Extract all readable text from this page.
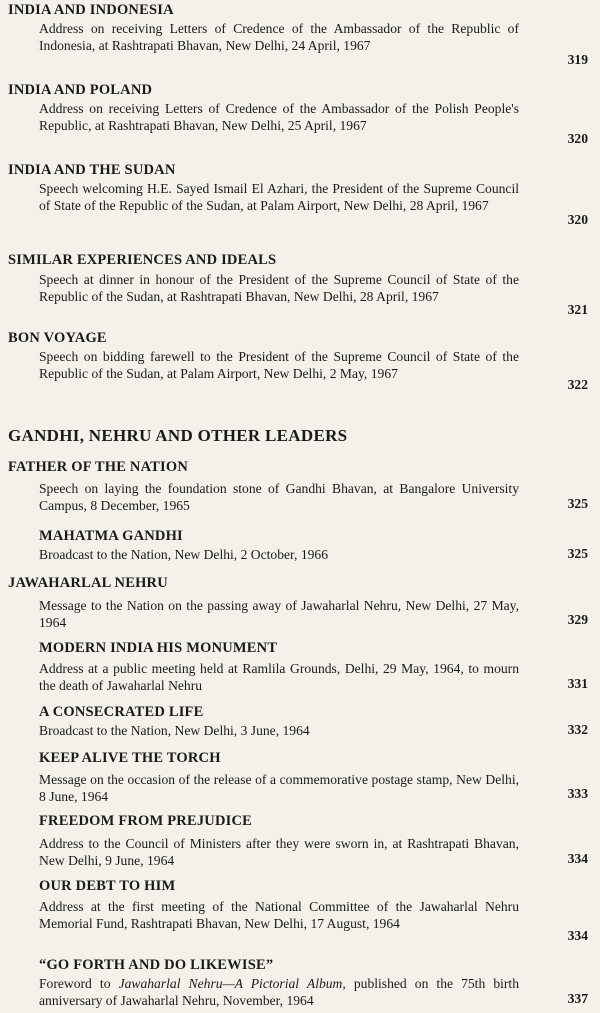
INDIA AND INDONESIA
Address on receiving Letters of Credence of the Ambassador of the Republic of Indonesia, at Rashtrapati Bhavan, New Delhi, 24 April, 1967
319
INDIA AND POLAND
Address on receiving Letters of Credence of the Ambassador of the Polish People's Republic, at Rashtrapati Bhavan, New Delhi, 25 April, 1967
320
INDIA AND THE SUDAN
Speech welcoming H.E. Sayed Ismail El Azhari, the President of the Supreme Council of State of the Republic of the Sudan, at Palam Airport, New Delhi, 28 April, 1967
320
SIMILAR EXPERIENCES AND IDEALS
Speech at dinner in honour of the President of the Supreme Council of State of the Republic of the Sudan, at Rashtrapati Bhavan, New Delhi, 28 April, 1967
321
BON VOYAGE
Speech on bidding farewell to the President of the Supreme Council of State of the Republic of the Sudan, at Palam Airport, New Delhi, 2 May, 1967
322
GANDHI, NEHRU AND OTHER LEADERS
FATHER OF THE NATION
Speech on laying the foundation stone of Gandhi Bhavan, at Bangalore University Campus, 8 December, 1965	325
MAHATMA GANDHI
Broadcast to the Nation, New Delhi, 2 October, 1966	325
JAWAHARLAL NEHRU
Message to the Nation on the passing away of Jawaharlal Nehru, New Delhi, 27 May, 1964	329
MODERN INDIA HIS MONUMENT
Address at a public meeting held at Ramlila Grounds, Delhi, 29 May, 1964, to mourn the death of Jawaharlal Nehru	331
A CONSECRATED LIFE
Broadcast to the Nation, New Delhi, 3 June, 1964	332
KEEP ALIVE THE TORCH
Message on the occasion of the release of a commemorative postage stamp, New Delhi, 8 June, 1964	333
FREEDOM FROM PREJUDICE
Address to the Council of Ministers after they were sworn in, at Rashtrapati Bhavan, New Delhi, 9 June, 1964	334
OUR DEBT TO HIM
Address at the first meeting of the National Committee of the Jawaharlal Nehru Memorial Fund, Rashtrapati Bhavan, New Delhi, 17 August, 1964
334
“GO FORTH AND DO LIKEWISE”
Foreword to Jawaharlal Nehru—A Pictorial Album, published on the 75th birth anniversary of Jawaharlal Nehru, November, 1964	337
